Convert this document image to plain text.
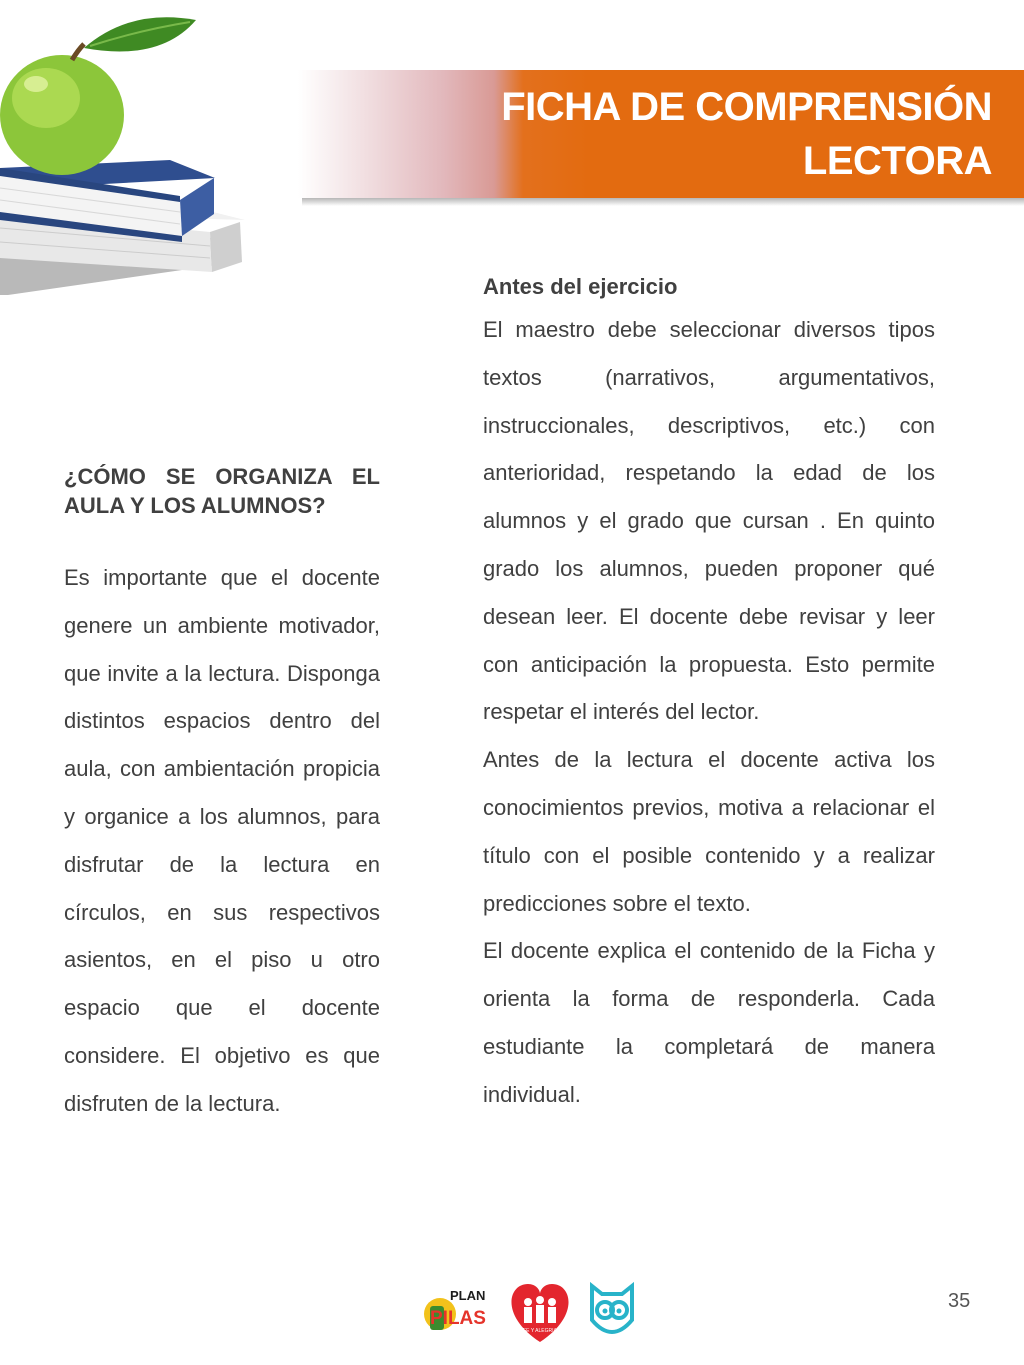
FICHA DE COMPRENSIÓN
LECTORA

¿CÓMO SE ORGANIZA EL AULA Y LOS ALUMNOS?

Es importante que el docente genere un ambiente motivador, que invite a la lectura. Disponga distintos espacios dentro del aula, con ambientación propicia y organice a los alumnos, para disfrutar de la lectura en círculos, en sus respectivos asientos, en el piso u otro espacio que el docente considere. El objetivo es que disfruten de la lectura.

Antes del ejercicio

El maestro debe seleccionar diversos tipos textos (narrativos, argumentativos, instruccionales, descriptivos, etc.) con anterioridad, respetando la edad de los alumnos y el grado que cursan . En quinto grado los alumnos, pueden proponer qué desean leer. El docente debe revisar y leer con anticipación la propuesta. Esto permite respetar el interés del lector.

Antes de la lectura el docente activa los conocimientos previos, motiva a relacionar el título con el posible contenido y a realizar predicciones sobre el texto.

El docente explica el contenido de la Ficha y orienta la forma de responderla. Cada estudiante la completará de manera individual.

PLAN
PILAS
FE Y ALEGRIA
35
